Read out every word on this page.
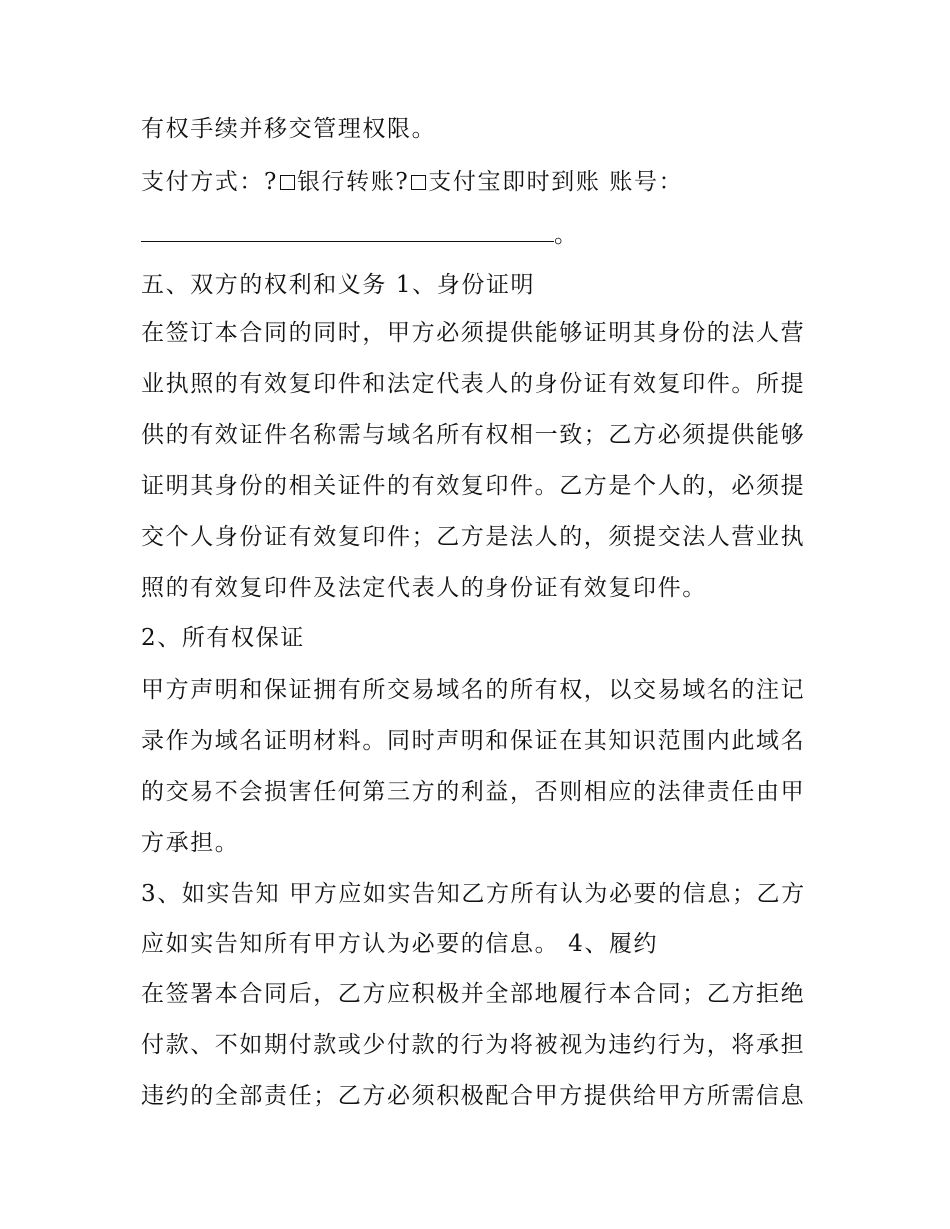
有权手续并移交管理权限。
支付方式：? 银行转账? 支付宝即时到账 账号：
。
五、双方的权利和义务 1、身份证明
在签订本合同的同时，甲方必须提供能够证明其身份的法人营
业执照的有效复印件和法定代表人的身份证有效复印件。所提
供的有效证件名称需与域名所有权相一致；乙方必须提供能够
证明其身份的相关证件的有效复印件。乙方是个人的，必须提
交个人身份证有效复印件；乙方是法人的，须提交法人营业执
照的有效复印件及法定代表人的身份证有效复印件。
2、所有权保证
甲方声明和保证拥有所交易域名的所有权，以交易域名的注记
录作为域名证明材料。同时声明和保证在其知识范围内此域名
的交易不会损害任何第三方的利益，否则相应的法律责任由甲
方承担。
3、如实告知 甲方应如实告知乙方所有认为必要的信息；乙方
应如实告知所有甲方认为必要的信息。 4、履约
在签署本合同后，乙方应积极并全部地履行本合同；乙方拒绝
付款、不如期付款或少付款的行为将被视为违约行为，将承担
违约的全部责任；乙方必须积极配合甲方提供给甲方所需信息
